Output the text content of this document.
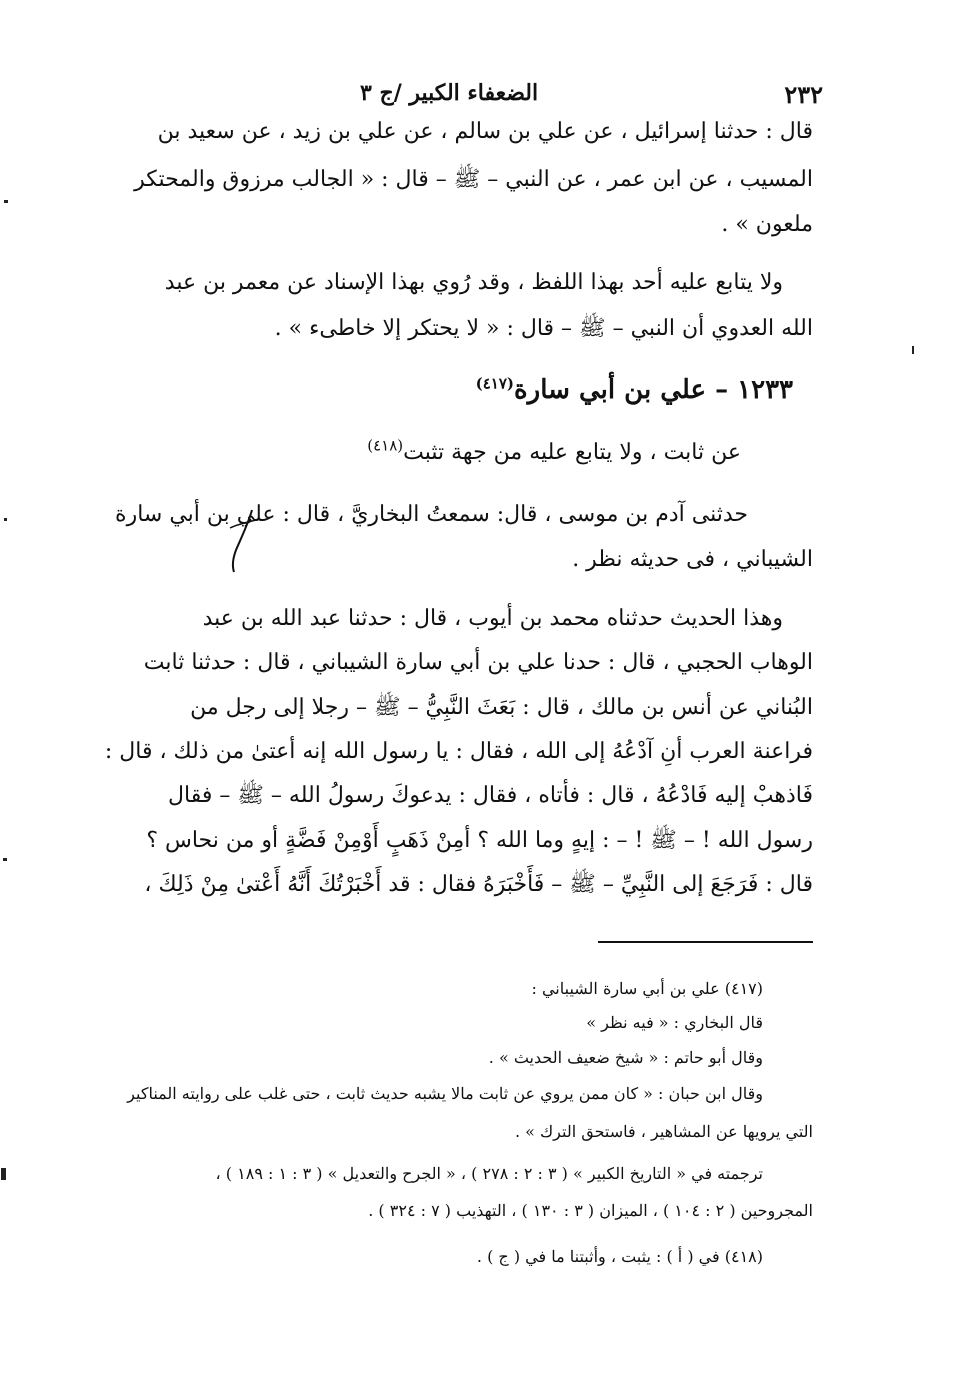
٢٣٢
الضعفاء الكبير /ج ٣
قال : حدثنا إسرائيل ، عن علي بن سالم ، عن علي بن زيد ، عن سعيد بن
المسيب ، عن ابن عمر ، عن النبي – ﷺ – قال : « الجالب مرزوق والمحتكر
ملعون » .
ولا يتابع عليه أحد بهذا اللفظ ، وقد رُوي بهذا الإسناد عن معمر بن عبد
الله العدوي أن النبي – ﷺ – قال : « لا يحتكر إلا خاطىء » .
١٢٣٣ – علي بن أبي سارة$^{(٤١٧)}$
عن ثابت ، ولا يتابع عليه من جهة تثبت$^{(٤١٨)}$
حدثنى آدم بن موسى ، قال: سمعتُ البخاريَّ ، قال : علي بن أبي سارة
الشيباني ، فى حديثه نظر .
وهذا الحديث حدثناه محمد بن أيوب ، قال : حدثنا عبد الله بن عبد
الوهاب الحجبي ، قال : حدنا علي بن أبي سارة الشيباني ، قال : حدثنا ثابت
البُناني عن أنس بن مالك ، قال : بَعَثَ النَّبِيُّ – ﷺ – رجلا إلى رجل من
فراعنة العرب أنِ آدْعُهُ إلى الله ، فقال : يا رسول الله إنه أعتىٰ من ذلك ، قال :
فَاذهبْ إليه فَادْعُهُ ، قال : فأتاه ، فقال : يدعوكَ رسولُ الله – ﷺ – فقال
رسول الله ! – ﷺ ! – : إيهٍ وما الله ؟ أمِنْ ذَهَبٍ أَوْمِنْ فَضَّةٍ أو من نحاس ؟
قال : فَرَجَعَ إلى النَّبِيِّ – ﷺ – فَأَخْبَرَهُ فقال : قد أَخْبَرْتُكَ أَنَّهُ أَعْتىٰ مِنْ ذَلِكَ ،
(٤١٧) علي بن أبي سارة الشيباني :
قال البخاري : « فيه نظر »
وقال أبو حاتم : « شيخ ضعيف الحديث » .
وقال ابن حبان : « كان ممن يروي عن ثابت مالا يشبه حديث ثابت ، حتى غلب على روايته المناكير
التي يرويها عن المشاهير ، فاستحق الترك » .
ترجمته في « التاريخ الكبير » ( ٣ : ٢ : ٢٧٨ ) ، « الجرح والتعديل » ( ٣ : ١ : ١٨٩ ) ،
المجروحين ( ٢ : ١٠٤ ) ، الميزان ( ٣ : ١٣٠ ) ، التهذيب ( ٧ : ٣٢٤ ) .
(٤١٨) في ( أ ) : يثبت ، وأثبتنا ما في ( ج ) .
